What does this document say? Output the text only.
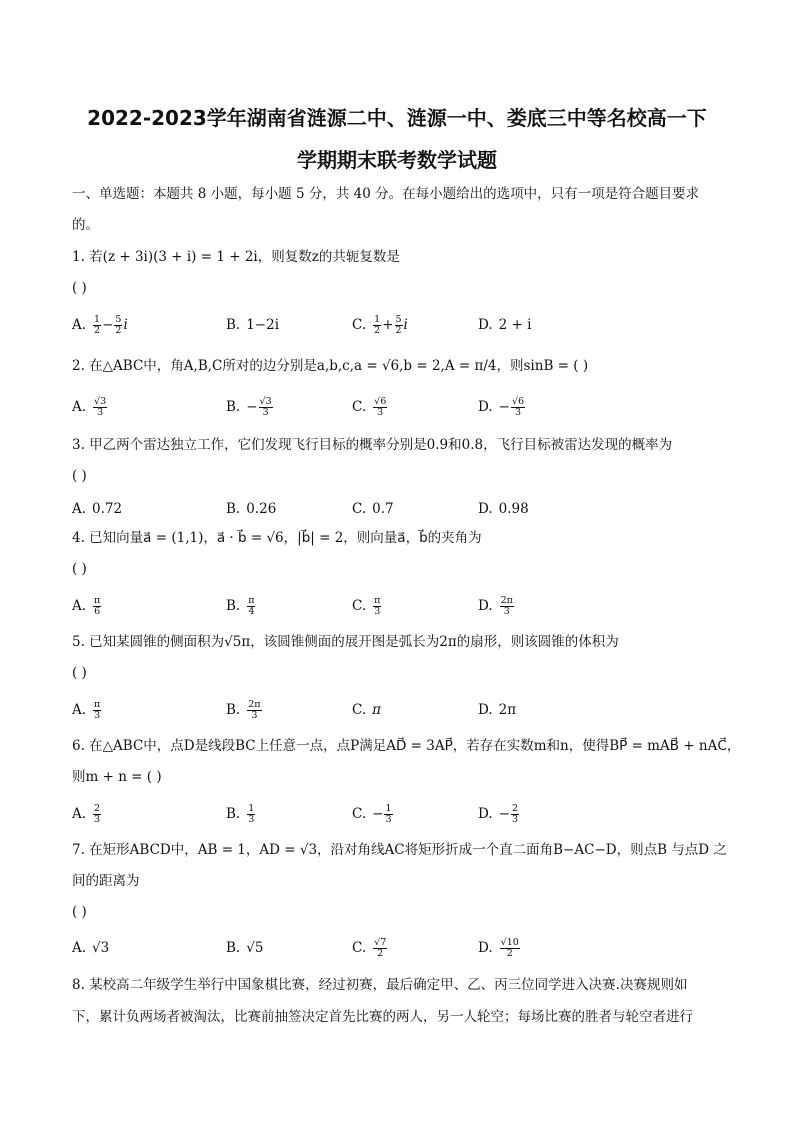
2022-2023学年湖南省涟源二中、涟源一中、娄底三中等名校高一下
学期期末联考数学试题
一、单选题：本题共 8 小题，每小题 5 分，共 40 分。在每小题给出的选项中，只有一项是符合题目要求
的。
1. 若(z + 3i)(3 + i) = 1 + 2i，则复数z的共轭复数是
( )
A. $\frac{1}{2} - \frac{5}{2}$ i	B. 1−2i	C. $\frac{1}{2} + \frac{5}{2}$ i	D. 2 + i
2. 在△ABC中，角A,B,C所对的边分别是a,b,c,a = √6,b = 2,A = π/4，则sinB = ( )
A. $\frac{√3}{3}$	B. − $\frac{√3}{3}$	C. $\frac{√6}{3}$	D. − $\frac{√6}{3}$
3. 甲乙两个雷达独立工作，它们发现飞行目标的概率分别是0.9和0.8，飞行目标被雷达发现的概率为
( )
A. 0.72	B. 0.26	C. 0.7	D. 0.98
4. 已知向量a⃗ = (1,1)，a⃗ · b⃗ = √6，|b⃗| = 2，则向量a⃗，b⃗的夹角为
( )
A. $\frac{\pi}{6}$	B. $\frac{\pi}{4}$	C. $\frac{\pi}{3}$	D. $\frac{2\pi}{3}$
5. 已知某圆锥的侧面积为√5π，该圆锥侧面的展开图是弧长为2π的扇形，则该圆锥的体积为
( )
A. $\frac{\pi}{3}$	B. $\frac{2\pi}{3}$	C. π	D. 2π
6. 在△ABC中，点D是线段BC上任意一点，点P满足AD⃗ = 3AP⃗，若存在实数m和n，使得BP⃗ = mAB⃗ + nAC⃗，
则m + n = ( )
A. $\frac{2}{3}$	B. $\frac{1}{3}$	C. − $\frac{1}{3}$	D. − $\frac{2}{3}$
7. 在矩形ABCD中，AB = 1，AD = √3，沿对角线AC将矩形折成一个直二面角B−AC−D，则点B 与点D 之
间的距离为
( )
A. √3	B. √5	C. $\frac{√7}{2}$	D. $\frac{√10}{2}$
8. 某校高二年级学生举行中国象棋比赛，经过初赛，最后确定甲、乙、丙三位同学进入决赛.决赛规则如
下，累计负两场者被淘汰，比赛前抽签决定首先比赛的两人，另一人轮空；每场比赛的胜者与轮空者进行
